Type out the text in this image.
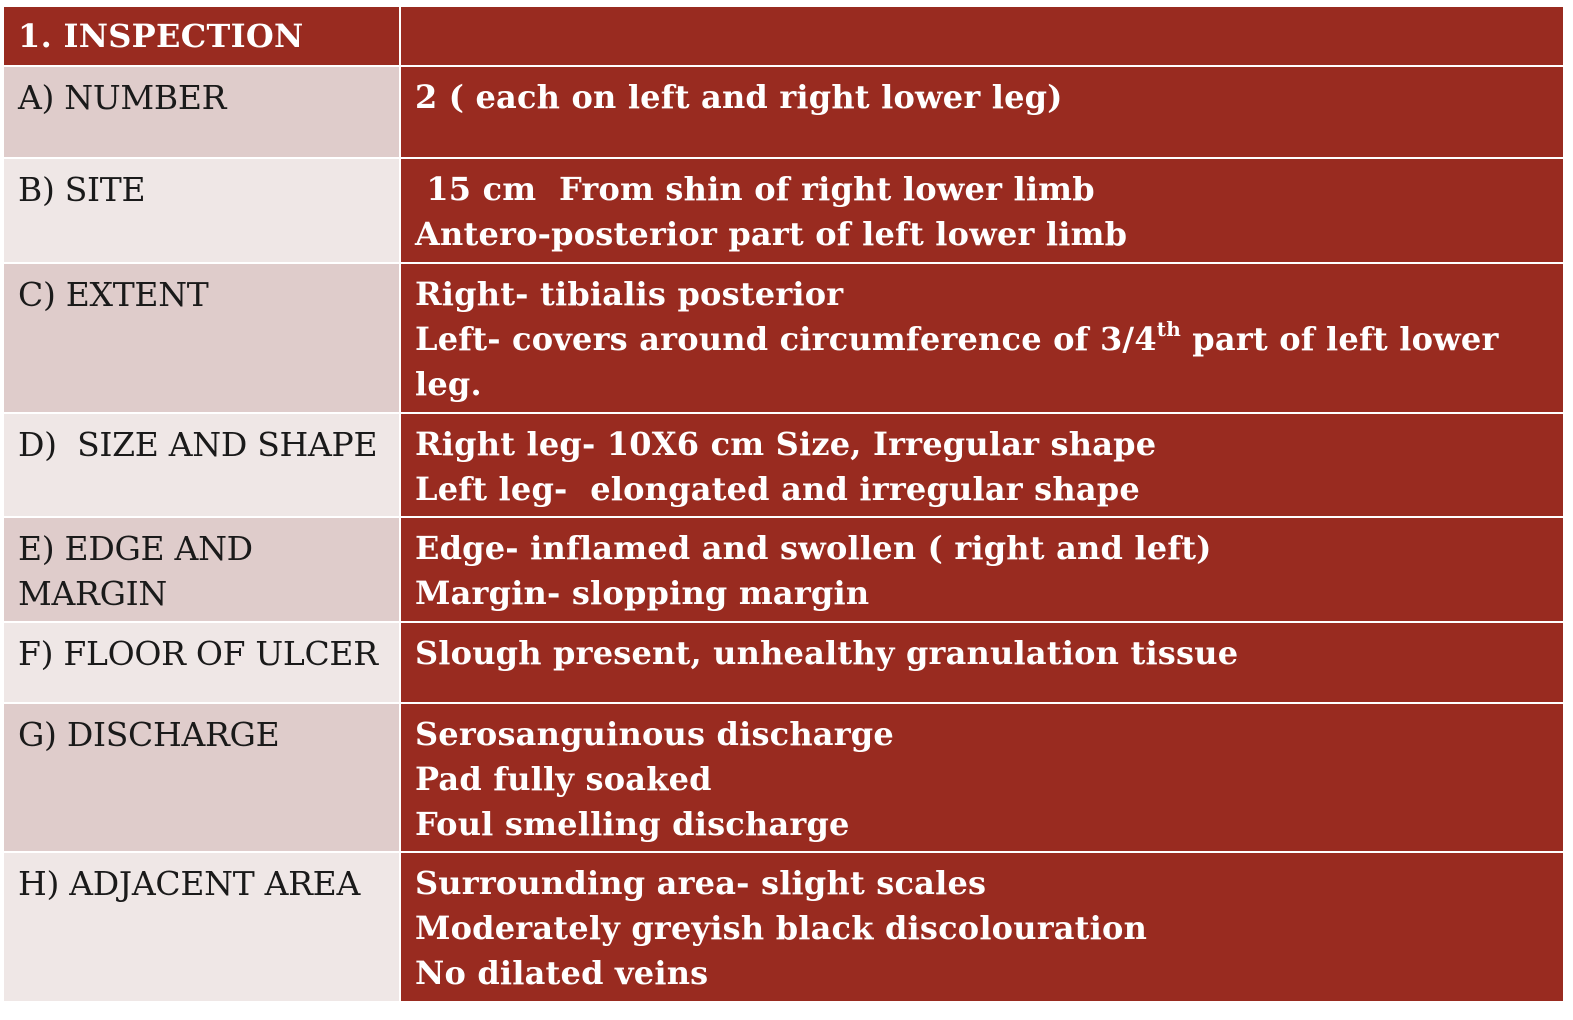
1. INSPECTION	
A) NUMBER	2 ( each on left and right lower leg)

B) SITE	15 cm  From shin of right lower limb
Antero-posterior part of left lower limb

C) EXTENT	Right- tibialis posterior
Left- covers around circumference of 3/4th part of left lower leg.

D)  SIZE AND SHAPE	Right leg- 10X6 cm Size, Irregular shape
Left leg-  elongated and irregular shape

E) EDGE AND MARGIN	Edge- inflamed and swollen ( right and left)
Margin- slopping margin

F) FLOOR OF ULCER	Slough present, unhealthy granulation tissue

G) DISCHARGE	Serosanguinous discharge
Pad fully soaked
Foul smelling discharge

H) ADJACENT AREA	Surrounding area- slight scales
Moderately greyish black discolouration
No dilated veins
